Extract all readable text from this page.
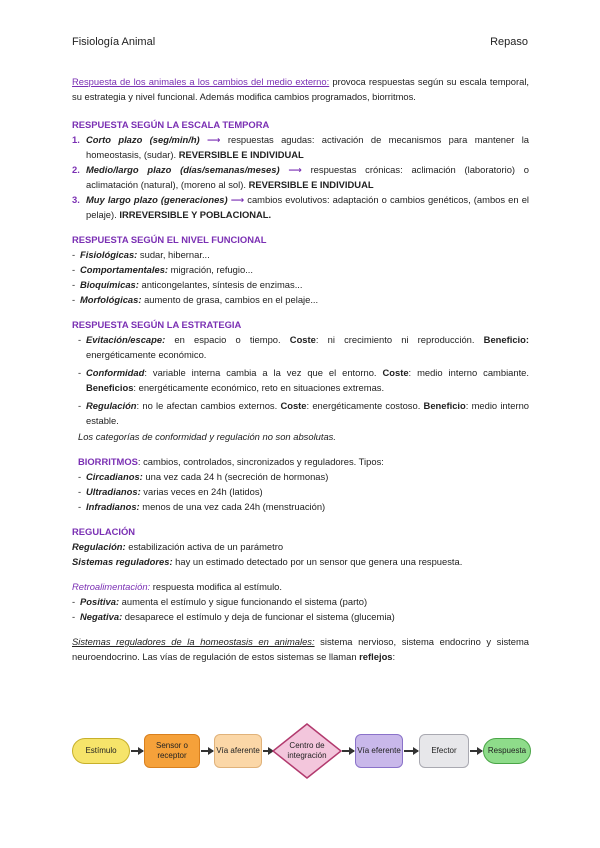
Fisiología Animal	Repaso

Respuesta de los animales a los cambios del medio externo: provoca respuestas según su escala temporal, su estrategia y nivel funcional. Además modifica cambios programados, biorritmos.

RESPUESTA SEGÚN LA ESCALA TEMPORA
1. Corto plazo (seg/min/h) ⟶ respuestas agudas: activación de mecanismos para mantener la homeostasis, (sudar). REVERSIBLE E INDIVIDUAL
2. Medio/largo plazo (días/semanas/meses) ⟶ respuestas crónicas: aclimación (laboratorio) o aclimatación (natural), (moreno al sol). REVERSIBLE E INDIVIDUAL
3. Muy largo plazo (generaciones) ⟶ cambios evolutivos: adaptación o cambios genéticos, (ambos en el pelaje). IRREVERSIBLE Y POBLACIONAL.
RESPUESTA SEGÚN EL NIVEL FUNCIONAL
- Fisiológicas: sudar, hibernar...
- Comportamentales: migración, refugio...
- Bioquímicas: anticongelantes, síntesis de enzimas...
- Morfológicas: aumento de grasa, cambios en el pelaje...
RESPUESTA SEGÚN LA ESTRATEGIA
- Evitación/escape: en espacio o tiempo. Coste: ni crecimiento ni reproducción. Beneficio: energéticamente económico.
- Conformidad: variable interna cambia a la vez que el entorno. Coste: medio interno cambiante. Beneficios: energéticamente económico, reto en situaciones extremas.
- Regulación: no le afectan cambios externos. Coste: energéticamente costoso. Beneficio: medio interno estable.

Los categorías de conformidad y regulación no son absolutas.

BIORRITMOS: cambios, controlados, sincronizados y reguladores. Tipos:

- Circadianos: una vez cada 24 h (secreción de hormonas)
- Ultradianos: varias veces en 24h (latidos)
- Infradianos: menos de una vez cada 24h (menstruación)
REGULACIÓN

Regulación: estabilización activa de un parámetro

Sistemas reguladores: hay un estimado detectado por un sensor que genera una respuesta.

Retroalimentación: respuesta modifica al estímulo.

- Positiva: aumenta el estímulo y sigue funcionando el sistema (parto)
- Negativa: desaparece el estímulo y deja de funcionar el sistema (glucemia)

Sistemas reguladores de la homeostasis en animales: sistema nervioso, sistema endocrino y sistema neuroendocrino. Las vías de regulación de estos sistemas se llaman reflejos:

Estímulo
Sensor o receptor
Vía aferente
Centro de integración
Vía eferente	Efector	Respuesta
